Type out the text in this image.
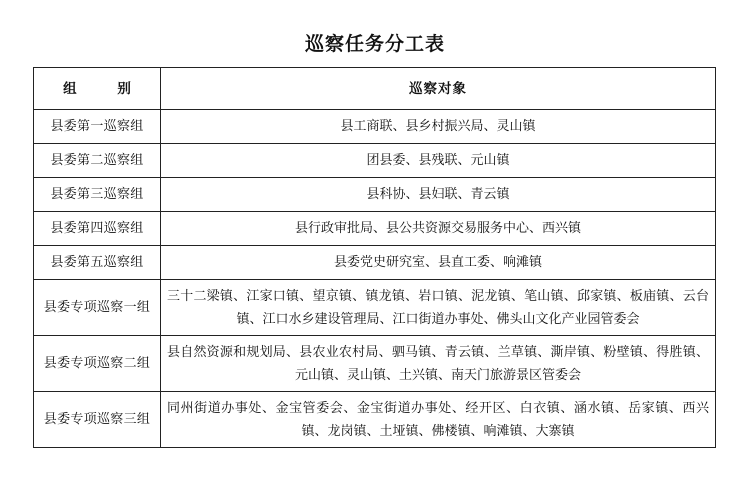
巡察任务分工表
组 别	巡察对象
县委第一巡察组	县工商联、县乡村振兴局、灵山镇
县委第二巡察组	团县委、县残联、元山镇
县委第三巡察组	县科协、县妇联、青云镇
县委第四巡察组	县行政审批局、县公共资源交易服务中心、西兴镇
县委第五巡察组	县委党史研究室、县直工委、响滩镇
县委专项巡察一组	三十二梁镇、江家口镇、望京镇、镇龙镇、岩口镇、泥龙镇、笔山镇、邱家镇、板庙镇、云台镇、江口水乡建设管理局、江口街道办事处、佛头山文化产业园管委会
县委专项巡察二组	县自然资源和规划局、县农业农村局、驷马镇、青云镇、兰草镇、澌岸镇、粉壁镇、得胜镇、元山镇、灵山镇、土兴镇、南天门旅游景区管委会
县委专项巡察三组	同州街道办事处、金宝管委会、金宝街道办事处、经开区、白衣镇、涵水镇、岳家镇、西兴镇、龙岗镇、土垭镇、佛楼镇、响滩镇、大寨镇
